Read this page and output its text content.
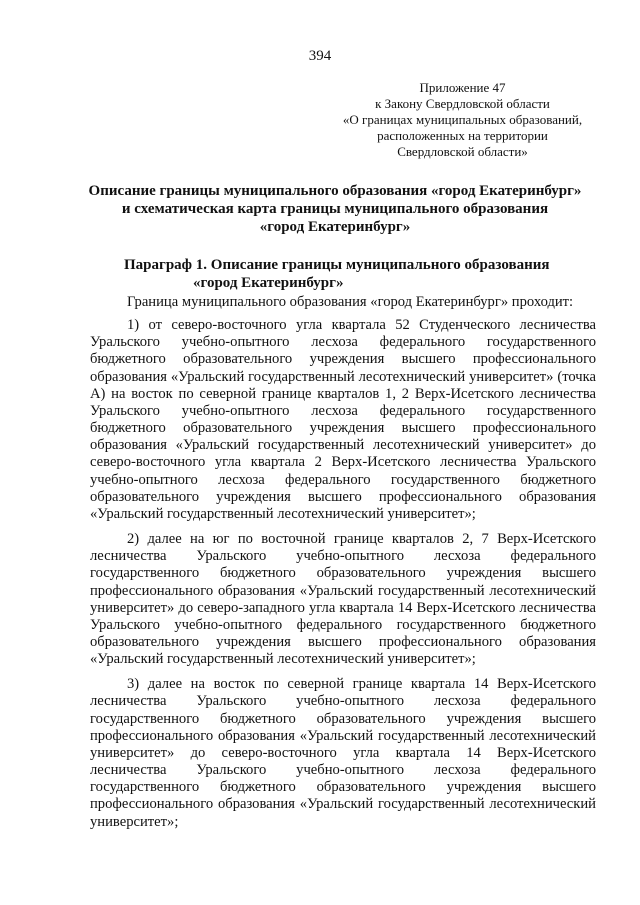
394
Приложение 47
к Закону Свердловской области
«О границах муниципальных образований,
расположенных на территории
Свердловской области»
Описание границы муниципального образования «город Екатеринбург»
и схематическая карта границы муниципального образования
«город Екатеринбург»
Параграф 1. Описание границы муниципального образования
«город Екатеринбург»

Граница муниципального образования «город Екатеринбург» проходит:

1) от северо-восточного угла квартала 52 Студенческого лесничества Уральского учебно-опытного лесхоза федерального государственного бюджетного образовательного учреждения высшего профессионального образования «Уральский государственный лесотехнический университет» (точка А) на восток по северной границе кварталов 1, 2 Верх-Исетского лесничества Уральского учебно-опытного лесхоза федерального государственного бюджетного образовательного учреждения высшего профессионального образования «Уральский государственный лесотехнический университет» до северо-восточного угла квартала 2 Верх-Исетского лесничества Уральского учебно-опытного лесхоза федерального государственного бюджетного образовательного учреждения высшего профессионального образования «Уральский государственный лесотехнический университет»;

2) далее на юг по восточной границе кварталов 2, 7 Верх-Исетского лесничества Уральского учебно-опытного лесхоза федерального государственного бюджетного образовательного учреждения высшего профессионального образования «Уральский государственный лесотехнический университет» до северо-западного угла квартала 14 Верх-Исетского лесничества Уральского учебно-опытного федерального государственного бюджетного образовательного учреждения высшего профессионального образования «Уральский государственный лесотехнический университет»;

3) далее на восток по северной границе квартала 14 Верх-Исетского лесничества Уральского учебно-опытного лесхоза федерального государственного бюджетного образовательного учреждения высшего профессионального образования «Уральский государственный лесотехнический университет» до северо-восточного угла квартала 14 Верх-Исетского лесничества Уральского учебно-опытного лесхоза федерального государственного бюджетного образовательного учреждения высшего профессионального образования «Уральский государственный лесотехнический университет»;
